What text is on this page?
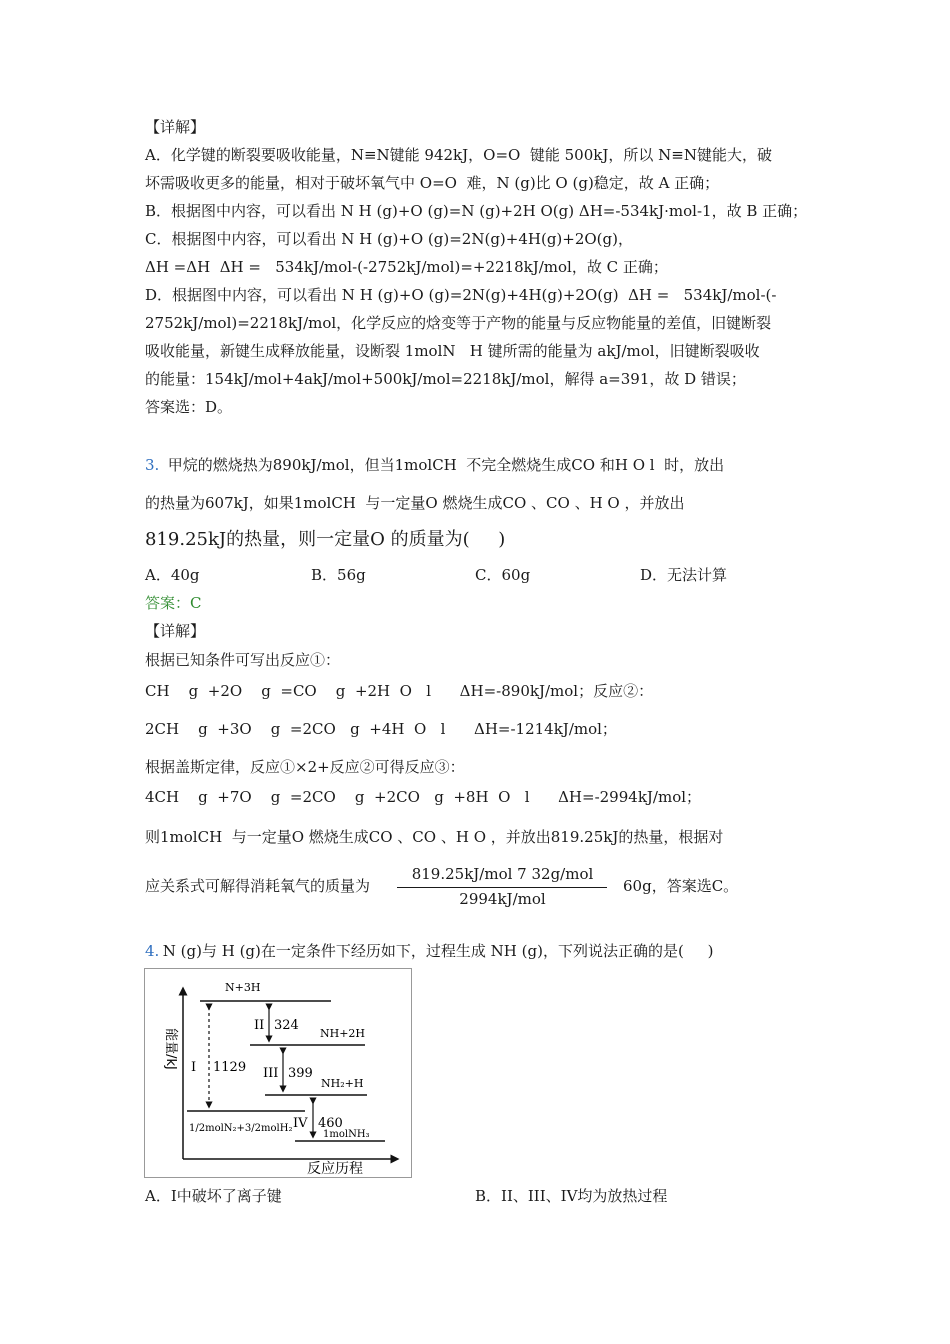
【详解】
A．化学键的断裂要吸收能量，N≡N键能 942kJ，O=O  键能 500kJ，所以 N≡N键能大，破
坏需吸收更多的能量，相对于破坏氧气中 O=O  难，N (g)比 O (g)稳定，故 A 正确；
B．根据图中内容，可以看出 N H (g)+O (g)=N (g)+2H O(g) ΔH=-534kJ·mol-1，故 B 正确；
C．根据图中内容，可以看出 N H (g)+O (g)=2N(g)+4H(g)+2O(g)，
ΔH =ΔH  ΔH =   534kJ/mol-(-2752kJ/mol)=+2218kJ/mol，故 C 正确；
D．根据图中内容，可以看出 N H (g)+O (g)=2N(g)+4H(g)+2O(g)  ΔH =   534kJ/mol-(-
2752kJ/mol)=2218kJ/mol，化学反应的焓变等于产物的能量与反应物能量的差值，旧键断裂
吸收能量，新键生成释放能量，设断裂 1molN   H 键所需的能量为 akJ/mol，旧键断裂吸收
的能量：154kJ/mol+4akJ/mol+500kJ/mol=2218kJ/mol，解得 a=391，故 D 错误；
答案选：D。
3. 甲烷的燃烧热为890kJ/mol，但当1molCH  不完全燃烧生成CO 和H O l  时，放出
的热量为607kJ，如果1molCH  与一定量O 燃烧生成CO 、CO 、H O ，并放出
819.25kJ的热量，则一定量O 的质量为(     )
A．40g	B．56g	C．60g	D．无法计算
答案：C
【详解】
根据已知条件可写出反应①：
CH    g  +2O    g  =CO    g  +2H  O   l      ΔH=-890kJ/mol；反应②：
2CH    g  +3O    g  =2CO   g  +4H  O   l      ΔH=-1214kJ/mol；
根据盖斯定律，反应①×2+反应②可得反应③：
4CH    g  +7O    g  =2CO    g  +2CO   g  +8H  O   l      ΔH=-2994kJ/mol；
则1molCH  与一定量O 燃烧生成CO 、CO 、H O ，并放出819.25kJ的热量，根据对
应关系式可解得消耗氧气的质量为
819.25kJ/mol 7 32g/mol
2994kJ/mol
60g，答案选C。
4.
N (g)与 H (g)在一定条件下经历如下，过程生成 NH (g)，下列说法正确的是(     )
能量/kJ
反应历程
N+3H
NH+2H
NH₂+H
1/2molN₂+3/2molH₂
1molNH₃
I 1129
II 324
III 399
IV 460
A．I中破坏了离子键	B．II、III、IV均为放热过程
